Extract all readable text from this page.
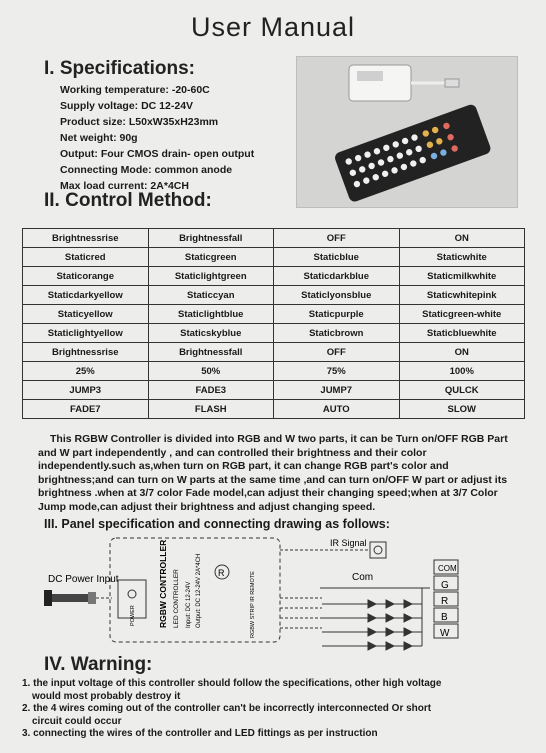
User Manual
I. Specifications:
Working temperature: -20-60C
Supply voltage: DC 12-24V
Product size: L50xW35xH23mm
Net weight: 90g
Output: Four CMOS drain- open output
Connecting Mode: common anode
Max load current: 2A*4CH
II. Control Method:
Brightnessrise	Brightnessfall	OFF	ON
Staticred	Staticgreen	Staticblue	Staticwhite
Staticorange	Staticlightgreen	Staticdarkblue	Staticmilkwhite
Staticdarkyellow	Staticcyan	Staticlyonsblue	Staticwhitepink
Staticyellow	Staticlightblue	Staticpurple	Staticgreen-white
Staticlightyellow	Staticskyblue	Staticbrown	Staticbluewhite
Brightnessrise	Brightnessfall	OFF	ON
25%	50%	75%	100%
JUMP3	FADE3	JUMP7	QULCK
FADE7	FLASH	AUTO	SLOW
This RGBW Controller is divided into RGB and W two parts, it can be Turn on/OFF RGB Part
and W part independently , and can controlled their brightness and their color
independently.such as,when turn on RGB part, it can change RGB part's color and
brightness;and can turn on W parts at the same time ,and can turn on/OFF W part or adjust its
brightness .when at 3/7 color Fade model,can adjust their changing speed;when at 3/7 Color
Jump mode,can adjust their brightness and adjust changing speed.
III. Panel specification and connecting drawing as follows:
DC Power Input
POWER	RGBW CONTROLLER LED CONTROLLER Input: DC 12-24V Output: DC 12-24V 2A*4CH R	RGBW STRIP IR REMOTE
IR Signal
Com
COM
G
R
B
W
IV. Warning:
1. the input voltage of this controller should follow the specifications, other high voltage
would most probably destroy it
2. the 4 wires coming out of the controller can't be incorrectly interconnected Or short
circuit could occur
3. connecting the wires of the controller and LED fittings as per instruction
